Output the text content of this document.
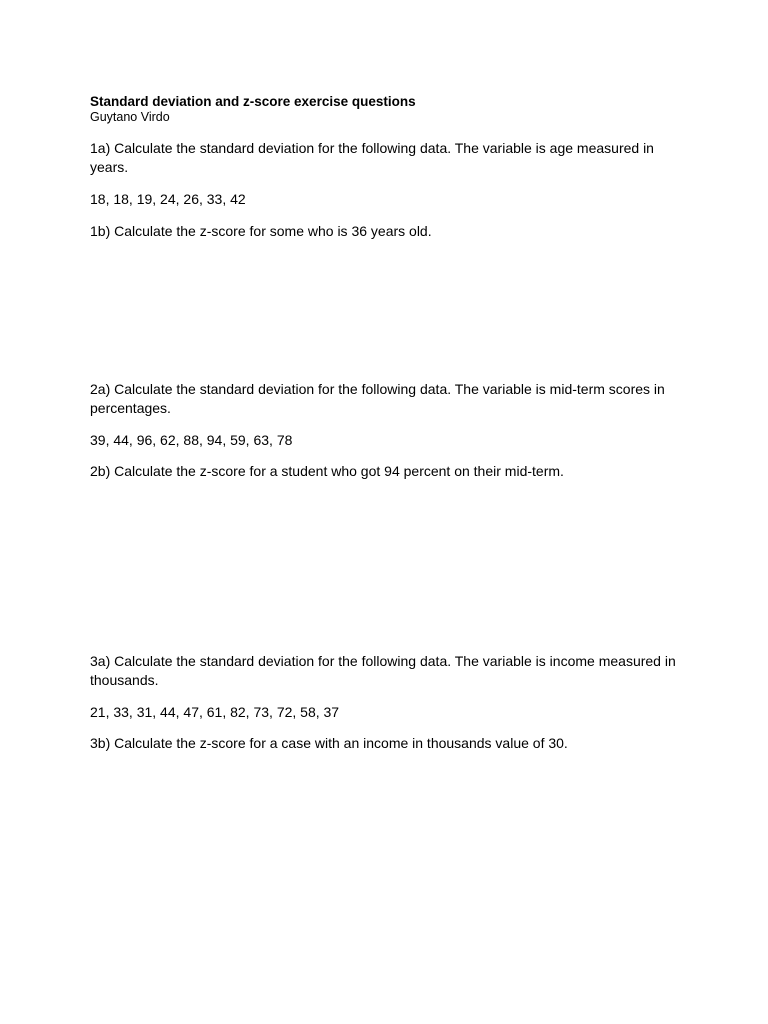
Standard deviation and z-score exercise questions

Guytano Virdo

1a) Calculate the standard deviation for the following data. The variable is age measured in years.

18, 18, 19, 24, 26, 33, 42

1b) Calculate the z-score for some who is 36 years old.

2a) Calculate the standard deviation for the following data. The variable is mid-term scores in percentages.

39, 44, 96, 62, 88, 94, 59, 63, 78

2b) Calculate the z-score for a student who got 94 percent on their mid-term.

3a) Calculate the standard deviation for the following data. The variable is income measured in thousands.

21, 33, 31, 44, 47, 61, 82, 73, 72, 58, 37

3b) Calculate the z-score for a case with an income in thousands value of 30.
